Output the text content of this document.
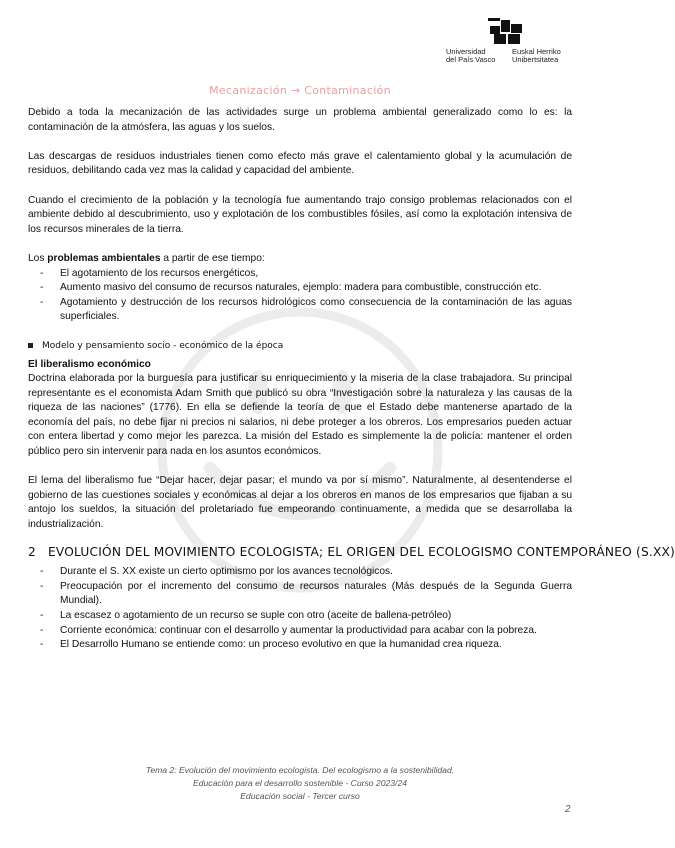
Universidad
del País Vasco
Euskal Herriko
Unibertsitatea
Mecanización → Contaminación

Debido a toda la mecanización de las actividades surge un problema ambiental generalizado como lo es: la contaminación de la atmósfera, las aguas y los suelos.

Las descargas de residuos industriales tienen como efecto más grave el calentamiento global y la acumulación de residuos, debilitando cada vez mas la calidad y capacidad del ambiente.

Cuando el crecimiento de la población y la tecnología fue aumentando trajo consigo problemas relacionados con el ambiente debido al descubrimiento, uso y explotación de los combustibles fósiles, así como la explotación intensiva de los recursos minerales de la tierra.

Los problemas ambientales a partir de ese tiempo:

- El agotamiento de los recursos energéticos,
- Aumento masivo del consumo de recursos naturales, ejemplo: madera para combustible, construcción etc.
- Agotamiento y destrucción de los recursos hidrológicos como consecuencia de la contaminación de las aguas superficiales.
Modelo y pensamiento socio - económico de la época

El liberalismo económico

Doctrina elaborada por la burguesía para justificar su enriquecimiento y la miseria de la clase trabajadora. Su principal representante es el economista Adam Smith que publicó su obra “Investigación sobre la naturaleza y las causas de la riqueza de las naciones” (1776). En ella se defiende la teoría de que el Estado debe mantenerse apartado de la economía del país, no debe fijar ni precios ni salarios, ni debe proteger a los obreros. Los empresarios pueden actuar con entera libertad y como mejor les parezca. La misión del Estado es simplemente la de policía: mantener el orden público pero sin intervenir para nada en los asuntos económicos.

El lema del liberalismo fue “Dejar hacer, dejar pasar; el mundo va por sí mismo”. Naturalmente, al desentenderse el gobierno de las cuestiones sociales y económicas al dejar a los obreros en manos de los empresarios que fijaban a su antojo los sueldos, la situación del proletariado fue empeorando continuamente, a medida que se desarrollaba la industrialización.

2 EVOLUCIÓN DEL MOVIMIENTO ECOLOGISTA; EL ORIGEN DEL ECOLOGISMO CONTEMPORÁNEO (S.XX)
- Durante el S. XX existe un cierto optimismo por los avances tecnológicos.
- Preocupación por el incremento del consumo de recursos naturales (Más después de la Segunda Guerra Mundial).
- La escasez o agotamiento de un recurso se suple con otro (aceite de ballena-petróleo)
- Corriente económica: continuar con el desarrollo y aumentar la productividad para acabar con la pobreza.
- El Desarrollo Humano se entiende como: un proceso evolutivo en que la humanidad crea riqueza.
Tema 2: Evolución del movimiento ecologista. Del ecologismo a la sostenibilidad.
Educación para el desarrollo sostenible - Curso 2023/24
Educación social - Tercer curso
2
